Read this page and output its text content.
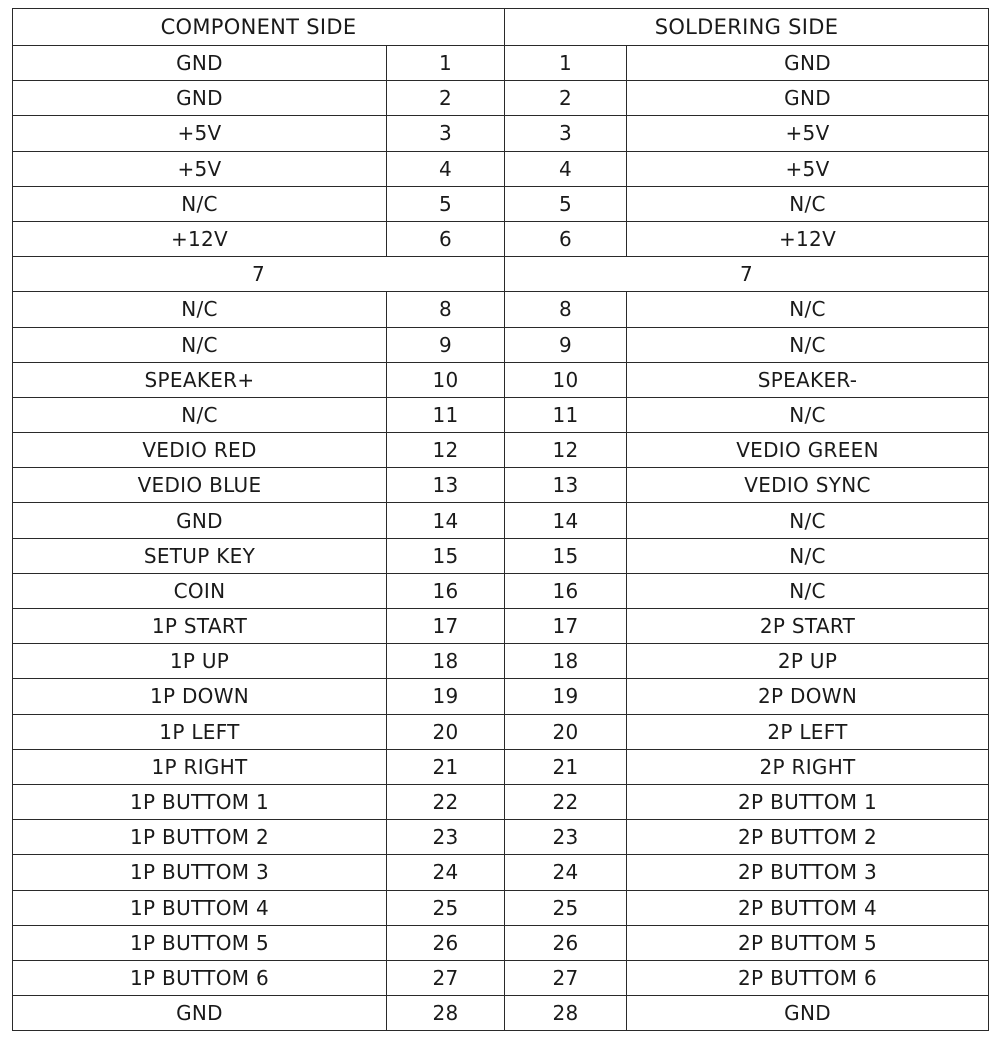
COMPONENT SIDE		SOLDERING SIDE	
GND	1	1	GND
GND	2	2	GND
+5V	3	3	+5V
+5V	4	4	+5V
N/C	5	5	N/C
+12V	6	6	+12V
7		7	
N/C	8	8	N/C
N/C	9	9	N/C
SPEAKER+	10	10	SPEAKER-
N/C	11	11	N/C
VEDIO RED	12	12	VEDIO GREEN
VEDIO BLUE	13	13	VEDIO SYNC
GND	14	14	N/C
SETUP KEY	15	15	N/C
COIN	16	16	N/C
1P START	17	17	2P START
1P UP	18	18	2P UP
1P DOWN	19	19	2P DOWN
1P LEFT	20	20	2P LEFT
1P RIGHT	21	21	2P RIGHT
1P BUTTOM 1	22	22	2P BUTTOM 1
1P BUTTOM 2	23	23	2P BUTTOM 2
1P BUTTOM 3	24	24	2P BUTTOM 3
1P BUTTOM 4	25	25	2P BUTTOM 4
1P BUTTOM 5	26	26	2P BUTTOM 5
1P BUTTOM 6	27	27	2P BUTTOM 6
GND	28	28	GND
